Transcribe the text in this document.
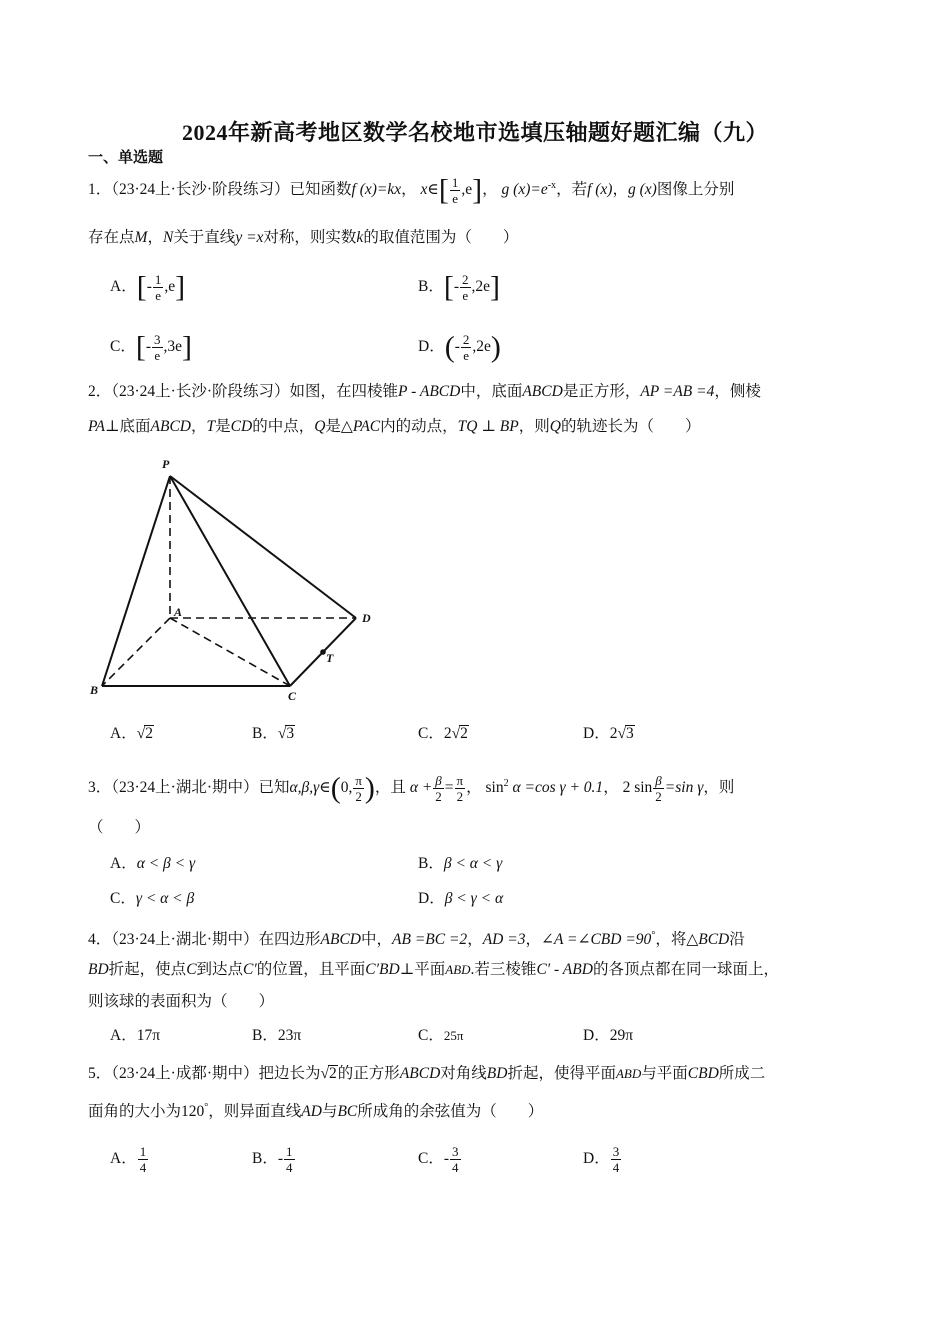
2024年新高考地区数学名校地市选填压轴题好题汇编（九）
一、单选题
1．（23·24上·长沙·阶段练习）已知函数f (x)=kx， x∈[ $\frac{1}{e} ,e$]， g $(x)=e^{-x}$，若f (x)，g (x)图像上分别
存在点M，N关于直线y =x对称，则实数k的取值范围为（　　）
A．[- $\frac{1}{e} ,e$]	B．[- $\frac{2}{e} ,2e$]
C．[- $\frac{3}{e} ,3e$]	D．(- $\frac{2}{e} ,2e$)
2．（23·24上·长沙·阶段练习）如图，在四棱锥P - ABCD中，底面ABCD是正方形，AP =AB =4，侧棱
PA⊥底面ABCD，T是CD的中点，Q是△PAC内的动点，TQ ⊥ BP，则Q的轨迹长为（　　）
P
A
B	C
D
T
A．√2	B．√3	C．2√2	D．2√3
3．（23·24上·湖北·期中）已知α,β,γ∈(0, $\frac{\pi}{2}$ )，且 $\alpha + \frac{\beta}{2} = \frac{\pi}{2}$ ， $\sin^2 \alpha =\cos$ γ + 0.1， 2 $\sin \frac{\beta}{2} =\sin$ γ，则
（　　）
A．α < β < γ	B．β < α < γ
C．γ < α < β	D．β < γ < α
4．（23·24上·湖北·期中）在四边形ABCD中，AB =BC =2，AD =3，∠A =∠CBD =90°，将△BCD沿
BD折起，使点C到达点C′的位置，且平面C′BD⊥平面ABD.若三棱锥C′ - ABD的各顶点都在同一球面上，
则该球的表面积为（　　）
A．17π	B．23π	C．25π	D．29π
5．（23·24上·成都·期中）把边长为√2的正方形ABCD对角线BD折起，使得平面ABD与平面CBD所成二
面角的大小为120°，则异面直线AD与BC所成角的余弦值为（　　）
A． $\frac{1}{4}$	B．- $\frac{1}{4}$	C．- $\frac{3}{4}$	D． $\frac{3}{4}$
